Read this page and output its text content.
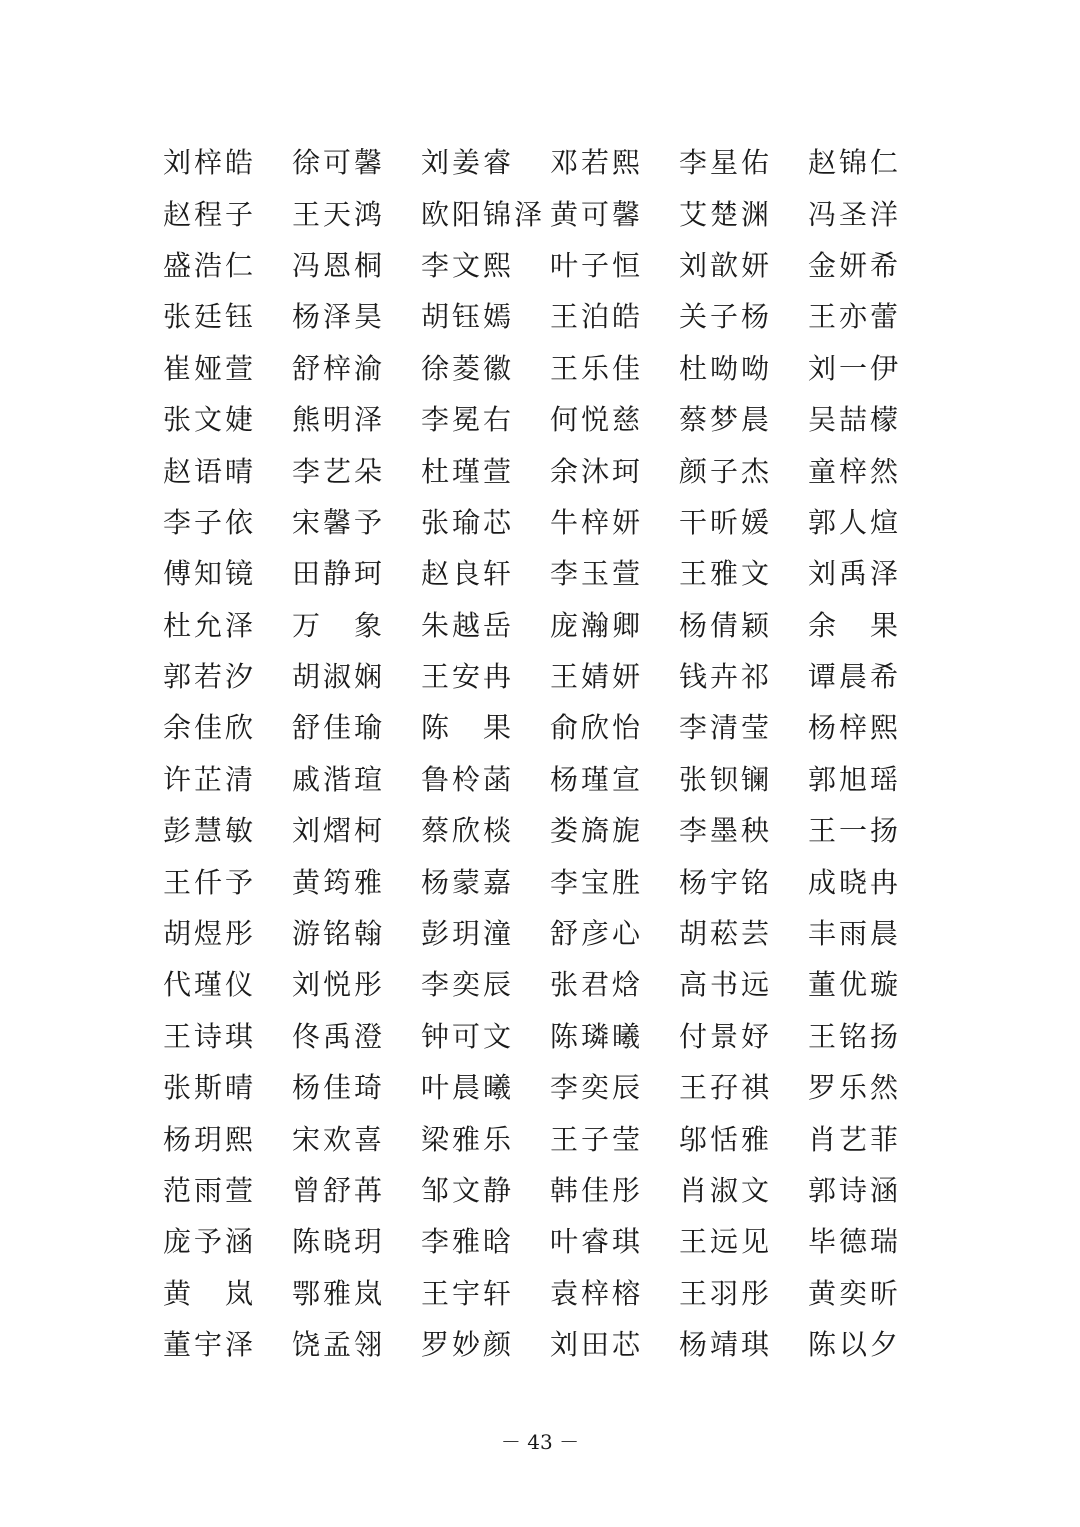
刘梓皓	徐可馨	刘姜睿	邓若熙	李星佑	赵锦仁
赵程子	王天鸿	欧阳锦泽 黄可馨	艾楚渊	冯圣洋
盛浩仁	冯恩桐	李文熙	叶子恒	刘歆妍	金妍希
张廷钰	杨泽昊	胡钰嫣	王泊皓	关子杨	王亦蕾
崔娅萱	舒梓渝	徐菱徽	王乐佳	杜呦呦	刘一伊
张文婕	熊明泽	李冕右	何悦慈	蔡梦晨	吴喆檬
赵语晴	李艺朵	杜瑾萱	余沐珂	颜子杰	童梓然
李子依	宋馨予	张瑜芯	牛梓妍	干昕媛	郭人煊
傅知镜	田静珂	赵良轩	李玉萱	王雅文	刘禹泽
杜允泽	万　象	朱越岳	庞瀚卿	杨倩颖	余　果
郭若汐	胡淑娴	王安冉	王婧妍	钱卉祁	谭晨希
余佳欣	舒佳瑜	陈　果	俞欣怡	李清莹	杨梓熙
许芷清	戚湝瑄	鲁柃菡	杨瑾宣	张钡镧	郭旭瑶
彭慧敏	刘熠柯	蔡欣棪	娄旖旎	李墨秧	王一扬
王仟予	黄筠雅	杨蒙嘉	李宝胜	杨宇铭	成晓冉
胡煜彤	游铭翰	彭玥潼	舒彦心	胡菘芸	丰雨晨
代瑾仪	刘悦彤	李奕辰	张君焓	高书远	董优璇
王诗琪	佟禹澄	钟可文	陈璘曦	付景妤	王铭扬
张斯晴	杨佳琦	叶晨曦	李奕辰	王孖祺	罗乐然
杨玥熙	宋欢喜	梁雅乐	王子莹	邬恬雅	肖艺菲
范雨萱	曾舒苒	邹文静	韩佳彤	肖淑文	郭诗涵
庞予涵	陈晓玥	李雅晗	叶睿琪	王远见	毕德瑞
黄　岚	鄂雅岚	王宇轩	袁梓榕	王羽彤	黄奕昕
董宇泽	饶孟翎	罗妙颜	刘田芯	杨靖琪	陈以夕
－ 43 －
